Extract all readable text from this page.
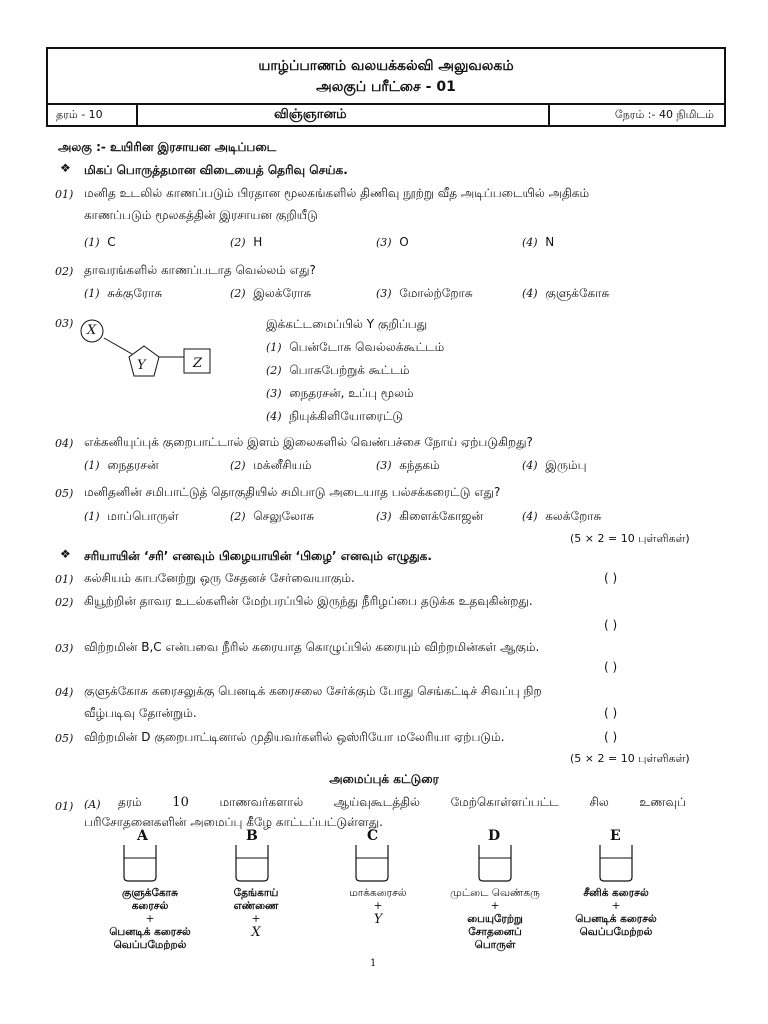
யாழ்ப்பாணம் வலயக்கல்வி அலுவலகம்
அலகுப் பரீட்சை - 01
தரம் - 10	விஞ்ஞானம்	நேரம் :- 40 நிமிடம்
அலகு :- உயிரின இரசாயன அடிப்படை
❖ மிகப் பொருத்தமான விடையைத் தெரிவு செய்க.
01) மனித உடலில் காணப்படும் பிரதான மூலகங்களில் திணிவு நூற்று வீத அடிப்படையில் அதிகம்
காணப்படும் மூலகத்தின் இரசாயன குறியீடு
(1) C	(2) H	(3) O	(4) N
02) தாவரங்களில் காணப்படாத வெல்லம் எது?
(1) சுக்குரோசு	(2) இலக்ரோசு	(3) மோல்ற்றோசு	(4) குளுக்கோசு
03) X
Y	Z
இக்கட்டமைப்பில் Y குறிப்பது
(1) பென்டோசு வெல்லக்கூட்டம்
(2) பொசுபேற்றுக் கூட்டம்
(3) நைதரசன், உப்பு மூலம்
(4) நியுக்கிளியோரைட்டு
04) எக்கனியுப்புக் குறைபாட்டால் இளம் இலைகளில் வெண்பச்சை நோய் ஏற்படுகிறது?
(1) நைதரசன்	(2) மக்னீசியம்	(3) கந்தகம்	(4) இரும்பு
05) மனிதனின் சமிபாட்டுத் தொகுதியில் சமிபாடு அடையாத பல்சக்கரைட்டு எது?
(1) மாப்பொருள்	(2) செலுலோசு	(3) கிளைக்கோஜன்	(4) கலக்றோசு
(5 × 2 = 10 புள்ளிகள்)
❖ சரியாயின் ‘சரி’ எனவும் பிழையாயின் ‘பிழை’ எனவும் எழுதுக.
01) கல்சியம் காபனேற்று ஒரு சேதனச் சேர்வையாகும்.	( )
02) கியூற்றின் தாவர உடல்களின் மேற்பரப்பில் இருந்து நீரிழப்பை தடுக்க உதவுகின்றது.
( )
03) விற்றமின் B,C என்பவை நீரில் கரையாத கொழுப்பில் கரையும் விற்றமின்கள் ஆகும்.
( )
04) குளுக்கோசு கரைசலுக்கு பெனடிக் கரைசலை சேர்க்கும் போது செங்கட்டிச் சிவப்பு நிற
வீழ்படிவு தோன்றும்.	( )
05) விற்றமின் D குறைபாட்டினால் முதியவர்களில் ஒஸ்ரியோ மலேரியா ஏற்படும்.	( )
(5 × 2 = 10 புள்ளிகள்)
அமைப்புக் கட்டுரை
01) (A) தரம் 10	மாணவர்களால்	ஆய்வுகூடத்தில்	மேற்கொள்ளப்பட்ட	சில	உணவுப்
பரிசோதனைகளின் அமைப்பு கீழே காட்டப்பட்டுள்ளது.
A	B	C	D	E
குளுக்கோசு
கரைசல்
+
பெனடிக் கரைசல்
வெப்பமேற்றல்
தேங்காய்
எண்ணை
+
X
மாக்கரைசல்
+
Y
முட்டை வெண்கரு
+
பையுரேற்று
சோதனைப்
பொருள்
சீனிக் கரைசல்
+
பெனடிக் கரைசல்
வெப்பமேற்றல்
1
